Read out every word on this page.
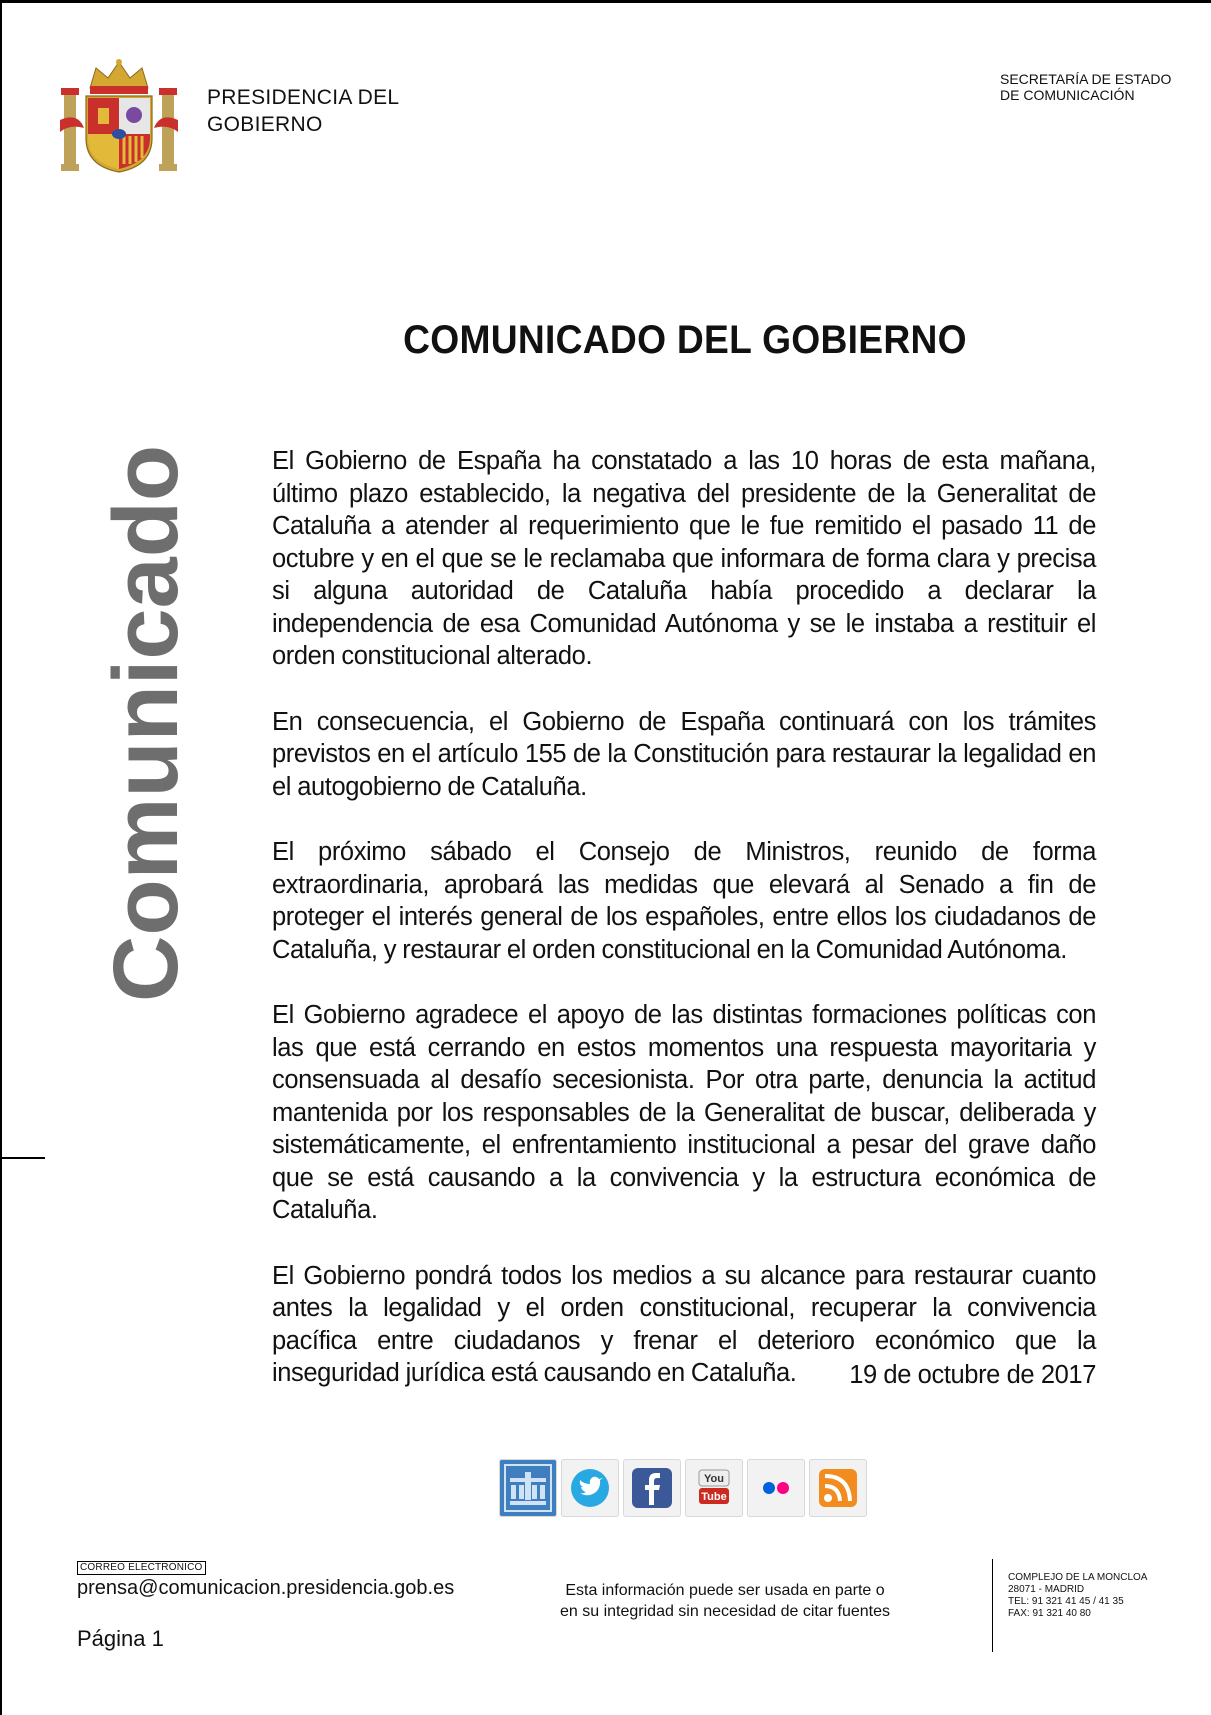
PRESIDENCIA DEL
GOBIERNO
SECRETARÍA DE ESTADO
DE COMUNICACIÓN
Comunicado
COMUNICADO DEL GOBIERNO

El Gobierno de España ha constatado a las 10 horas de esta mañana, último plazo establecido, la negativa del presidente de la Generalitat de Cataluña a atender al requerimiento que le fue remitido el pasado 11 de octubre y en el que se le reclamaba que informara de forma clara y precisa si alguna autoridad de Cataluña había procedido a declarar la independencia de esa Comunidad Autónoma y se le instaba a restituir el orden constitucional alterado.

En consecuencia, el Gobierno de España continuará con los trámites previstos en el artículo 155 de la Constitución para restaurar la legalidad en el autogobierno de Cataluña.

El próximo sábado el Consejo de Ministros, reunido de forma extraordinaria, aprobará las medidas que elevará al Senado a fin de proteger el interés general de los españoles, entre ellos los ciudadanos de Cataluña, y restaurar el orden constitucional en la Comunidad Autónoma.

El Gobierno agradece el apoyo de las distintas formaciones políticas con las que está cerrando en estos momentos una respuesta mayoritaria y consensuada al desafío secesionista. Por otra parte, denuncia la actitud mantenida por los responsables de la Generalitat de buscar, deliberada y sistemáticamente, el enfrentamiento institucional a pesar del grave daño que se está causando a la convivencia y la estructura económica de Cataluña.

El Gobierno pondrá todos los medios a su alcance para restaurar cuanto antes la legalidad y el orden constitucional, recuperar la convivencia pacífica entre ciudadanos y frenar el deterioro económico que la inseguridad jurídica está causando en Cataluña.	19 de octubre de 2017
You
Tube
CORREO ELECTRÓNICO
prensa@comunicacion.presidencia.gob.es
Página 1
Esta información puede ser usada en parte o
en su integridad sin necesidad de citar fuentes
COMPLEJO DE LA MONCLOA
28071 - MADRID
TEL: 91 321 41 45 / 41 35
FAX: 91 321 40 80
